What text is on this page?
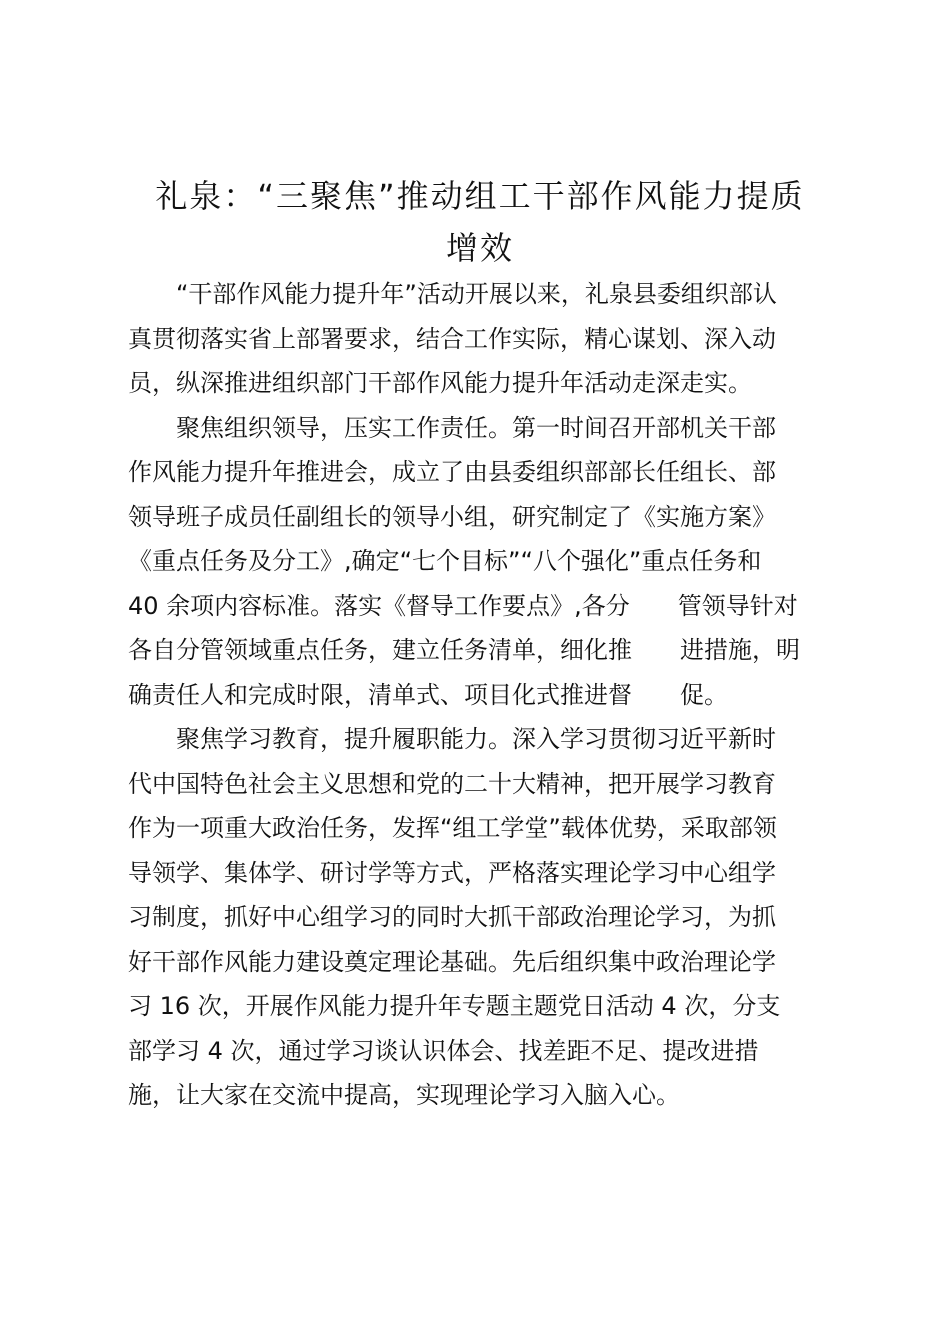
礼泉：“三聚焦”推动组工干部作风能力提质
增效
“干部作风能力提升年”活动开展以来，礼泉县委组织部认
真贯彻落实省上部署要求，结合工作实际，精心谋划、深入动
员，纵深推进组织部门干部作风能力提升年活动走深走实。
聚焦组织领导，压实工作责任。第一时间召开部机关干部
作风能力提升年推进会，成立了由县委组织部部长任组长、部
领导班子成员任副组长的领导小组，研究制定了《实施方案》
《重点任务及分工》,确定“七个目标”“八个强化”重点任务和
40 余项内容标准。落实《督导工作要点》,各分　　管领导针对
各自分管领域重点任务，建立任务清单，细化推　　进措施，明
确责任人和完成时限，清单式、项目化式推进督　　促。
聚焦学习教育，提升履职能力。深入学习贯彻习近平新时
代中国特色社会主义思想和党的二十大精神，把开展学习教育
作为一项重大政治任务，发挥“组工学堂”载体优势，采取部领
导领学、集体学、研讨学等方式，严格落实理论学习中心组学
习制度，抓好中心组学习的同时大抓干部政治理论学习，为抓
好干部作风能力建设奠定理论基础。先后组织集中政治理论学
习 16 次，开展作风能力提升年专题主题党日活动 4 次，分支
部学习 4 次，通过学习谈认识体会、找差距不足、提改进措
施，让大家在交流中提高，实现理论学习入脑入心。
